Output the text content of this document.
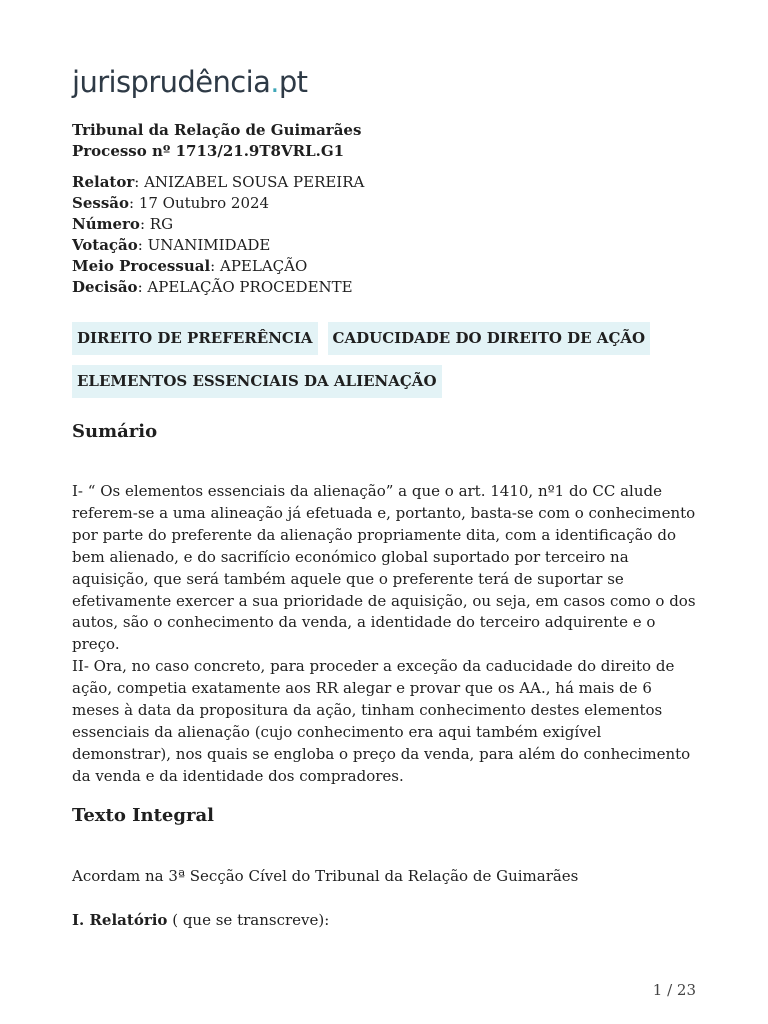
jurisprudência.pt
Tribunal da Relação de Guimarães
Processo nº 1713/21.9T8VRL.G1
Relator: ANIZABEL SOUSA PEREIRA
Sessão: 17 Outubro 2024
Número: RG
Votação: UNANIMIDADE
Meio Processual: APELAÇÃO
Decisão: APELAÇÃO PROCEDENTE
DIREITO DE PREFERÊNCIA CADUCIDADE DO DIREITO DE AÇÃO
ELEMENTOS ESSENCIAIS DA ALIENAÇÃO
Sumário

I- “ Os elementos essenciais da alienação” a que o art. 1410, nº1 do CC alude referem-se a uma alineação já efetuada e, portanto, basta-se com o conhecimento por parte do preferente da alienação propriamente dita, com a identificação do bem alienado, e do sacrifício económico global suportado por terceiro na aquisição, que será também aquele que o preferente terá de suportar se efetivamente exercer a sua prioridade de aquisição, ou seja, em casos como o dos autos, são o conhecimento da venda, a identidade do terceiro adquirente e o preço.

II- Ora, no caso concreto, para proceder a exceção da caducidade do direito de ação, competia exatamente aos RR alegar e provar que os AA., há mais de 6 meses à data da propositura da ação, tinham conhecimento destes elementos essenciais da alienação (cujo conhecimento era aqui também exigível demonstrar), nos quais se engloba o preço da venda, para além do conhecimento da venda e da identidade dos compradores.

Texto Integral
Acordam na 3ª Secção Cível do Tribunal da Relação de Guimarães
I. Relatório ( que se transcreve):
1 / 23
